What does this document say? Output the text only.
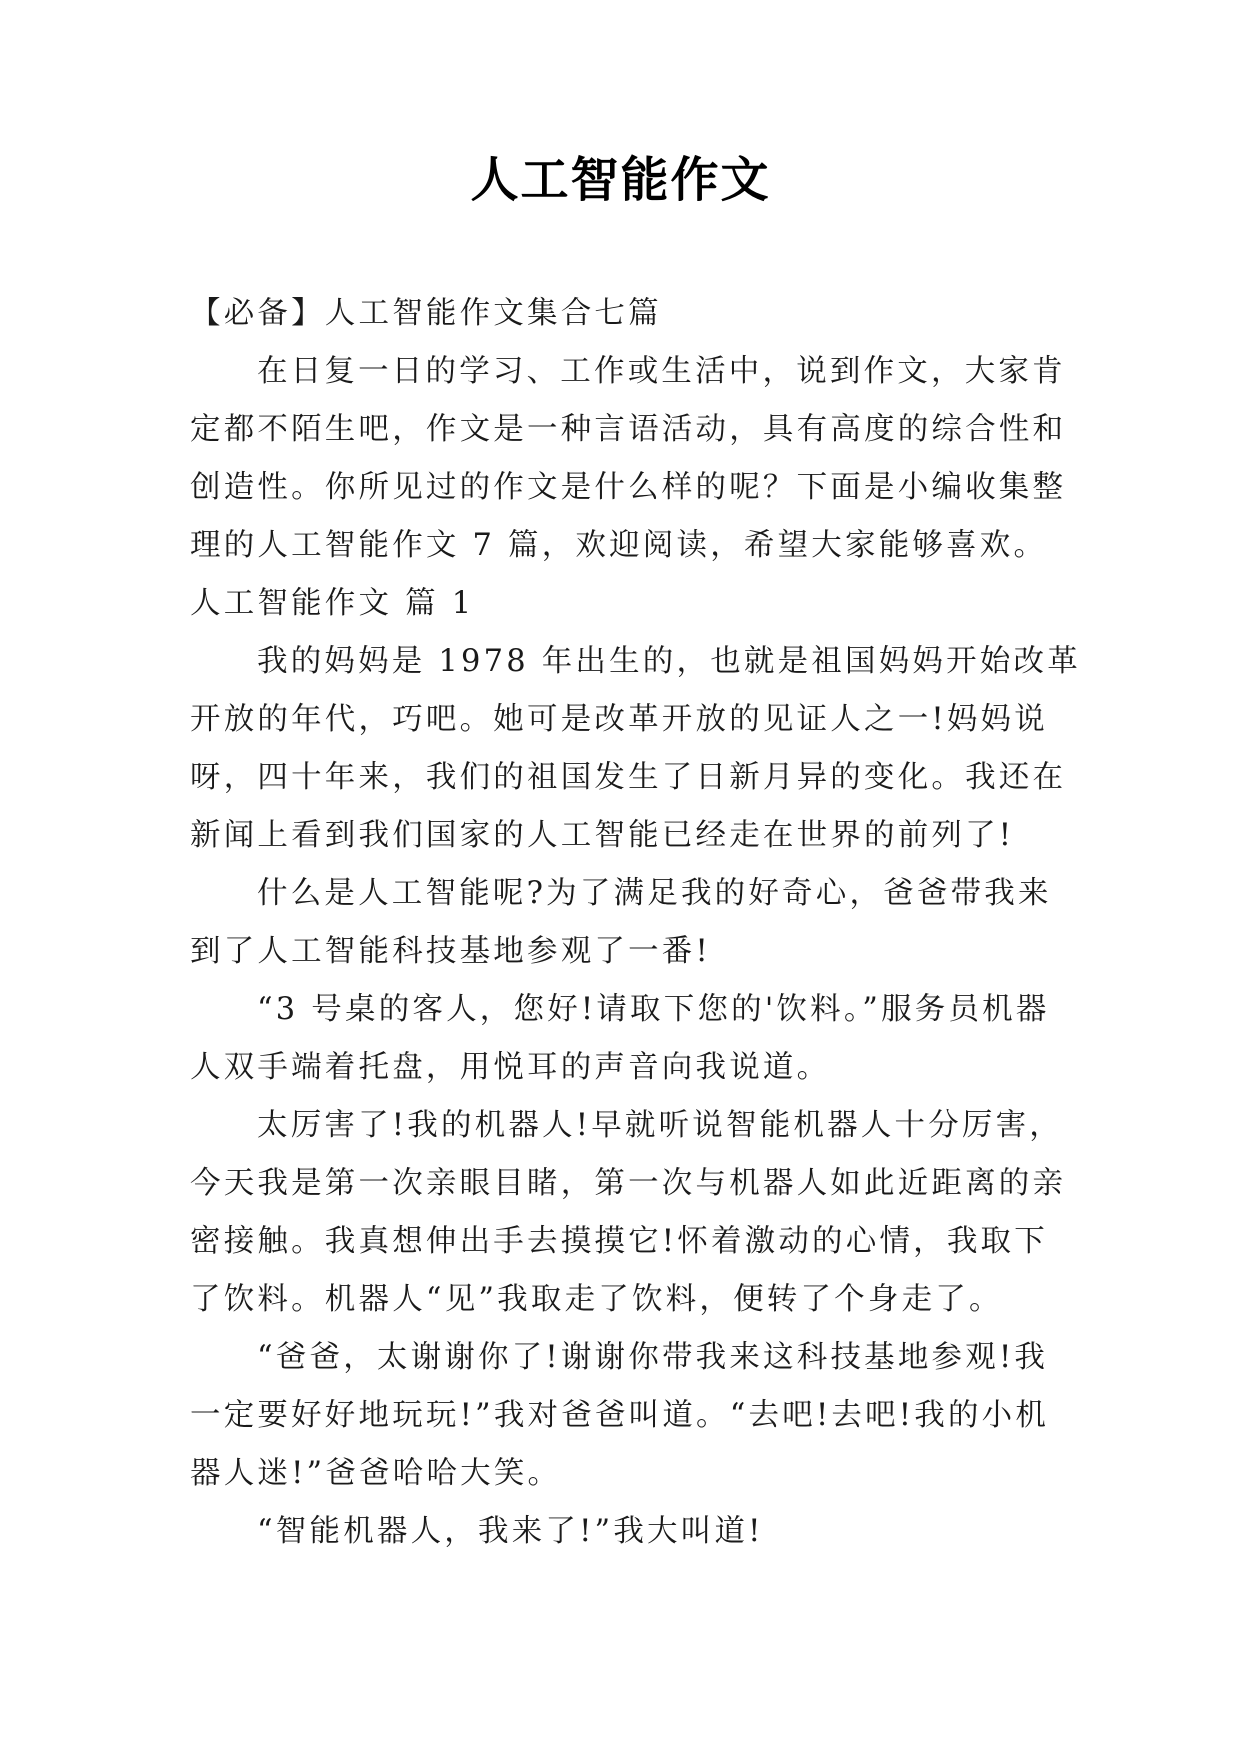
人工智能作文
【必备】人工智能作文集合七篇
在日复一日的学习、工作或生活中，说到作文，大家肯
定都不陌生吧，作文是一种言语活动，具有高度的综合性和
创造性。你所见过的作文是什么样的呢？下面是小编收集整
理的人工智能作文 7 篇，欢迎阅读，希望大家能够喜欢。
人工智能作文 篇 1
我的妈妈是 1978 年出生的，也就是祖国妈妈开始改革
开放的年代，巧吧。她可是改革开放的见证人之一!妈妈说
呀，四十年来，我们的祖国发生了日新月异的变化。我还在
新闻上看到我们国家的人工智能已经走在世界的前列了!
什么是人工智能呢?为了满足我的好奇心，爸爸带我来
到了人工智能科技基地参观了一番!
“3 号桌的客人，您好!请取下您的'饮料。”服务员机器
人双手端着托盘，用悦耳的声音向我说道。
太厉害了!我的机器人!早就听说智能机器人十分厉害，
今天我是第一次亲眼目睹，第一次与机器人如此近距离的亲
密接触。我真想伸出手去摸摸它!怀着激动的心情，我取下
了饮料。机器人“见”我取走了饮料，便转了个身走了。
“爸爸，太谢谢你了!谢谢你带我来这科技基地参观!我
一定要好好地玩玩!”我对爸爸叫道。“去吧!去吧!我的小机
器人迷!”爸爸哈哈大笑。
“智能机器人，我来了!”我大叫道!
